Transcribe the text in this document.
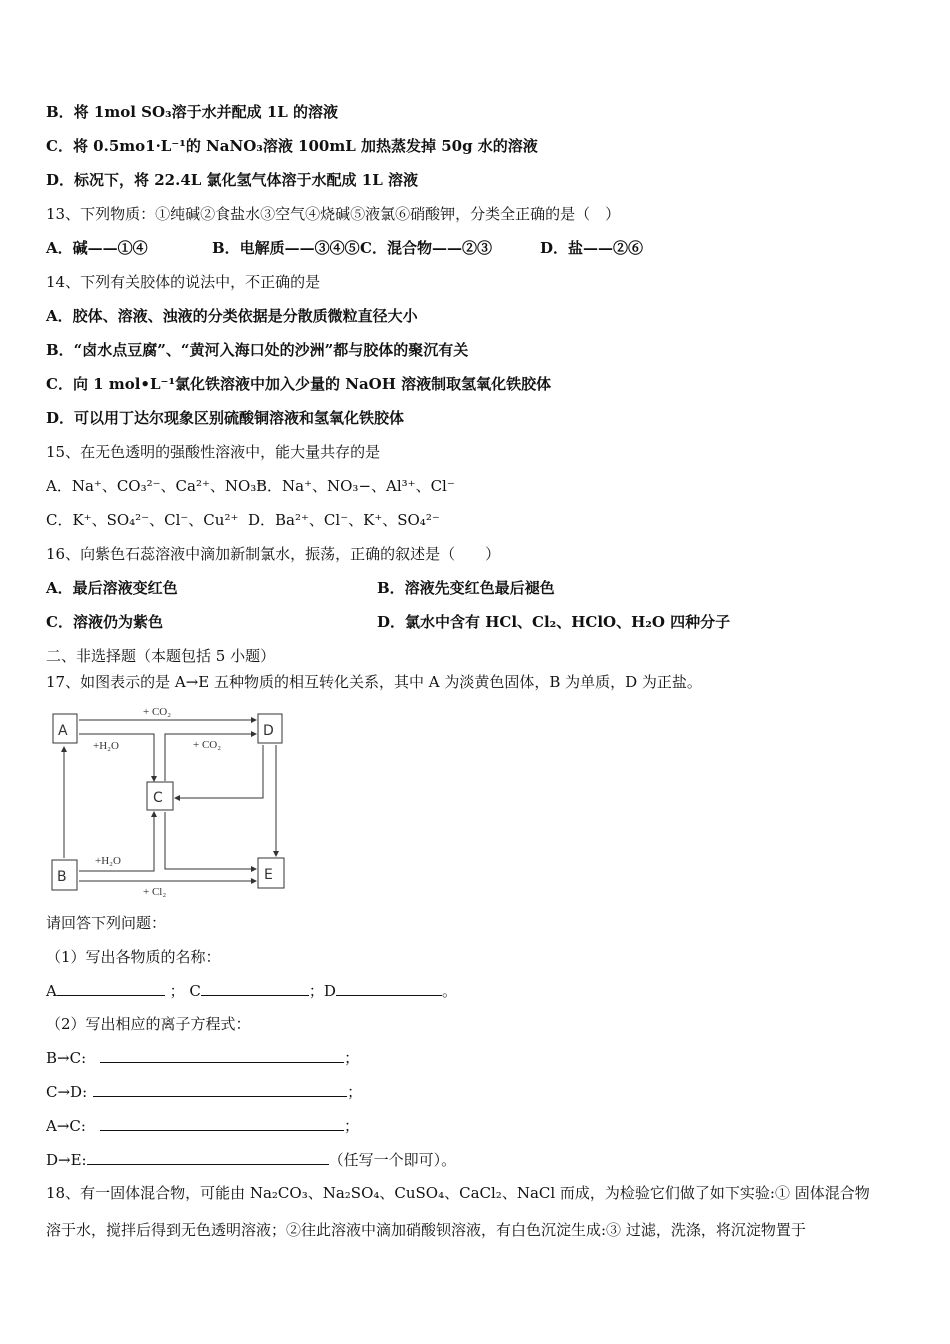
B．将 1mol SO₃溶于水并配成 1L 的溶液
C．将 0.5mo1·L⁻¹的 NaNO₃溶液 100mL 加热蒸发掉 50g 水的溶液
D．标况下，将 22.4L 氯化氢气体溶于水配成 1L 溶液
13、下列物质：①纯碱②食盐水③空气④烧碱⑤液氯⑥硝酸钾，分类全正确的是（　）
A．碱——①④	B．电解质——③④⑤ C．混合物——②③	D．盐——②⑥
14、下列有关胶体的说法中，不正确的是
A．胶体、溶液、浊液的分类依据是分散质微粒直径大小
B．“卤水点豆腐”、“黄河入海口处的沙洲”都与胶体的聚沉有关
C．向 1 mol•L⁻¹氯化铁溶液中加入少量的 NaOH 溶液制取氢氧化铁胶体
D．可以用丁达尔现象区别硫酸铜溶液和氢氧化铁胶体
15、在无色透明的强酸性溶液中，能大量共存的是
A．Na⁺、CO₃²⁻、Ca²⁺、NO₃⁻
B．Na⁺、NO₃−、Al³⁺、Cl⁻
C．K⁺、SO₄²⁻、Cl⁻、Cu²⁺ D．Ba²⁺、Cl⁻、K⁺、SO₄²⁻
16、向紫色石蕊溶液中滴加新制氯水，振荡，正确的叙述是（　　）
A．最后溶液变红色	B．溶液先变红色最后褪色
C．溶液仍为紫色	D．氯水中含有 HCl、Cl₂、HClO、H₂O 四种分子
二、非选择题（本题包括 5 小题）
17、如图表示的是 A→E 五种物质的相互转化关系，其中 A 为淡黄色固体，B 为单质，D 为正盐。
A
B
C
D
E
+ CO₂
+H₂O	+ CO₂
+H₂O
+ Cl₂
请回答下列问题：
（1）写出各物质的名称：
A	； C	；D	。
（2）写出相应的离子方程式：
B→C:	；
C→D:	；
A→C:	；
D→E:	（任写一个即可）。
18、有一固体混合物，可能由 Na₂CO₃、Na₂SO₄、CuSO₄、CaCl₂、NaCl 而成，为检验它们做了如下实验:① 固体混合物
溶于水，搅拌后得到无色透明溶液；②往此溶液中滴加硝酸钡溶液，有白色沉淀生成:③ 过滤，洗涤，将沉淀物置于
